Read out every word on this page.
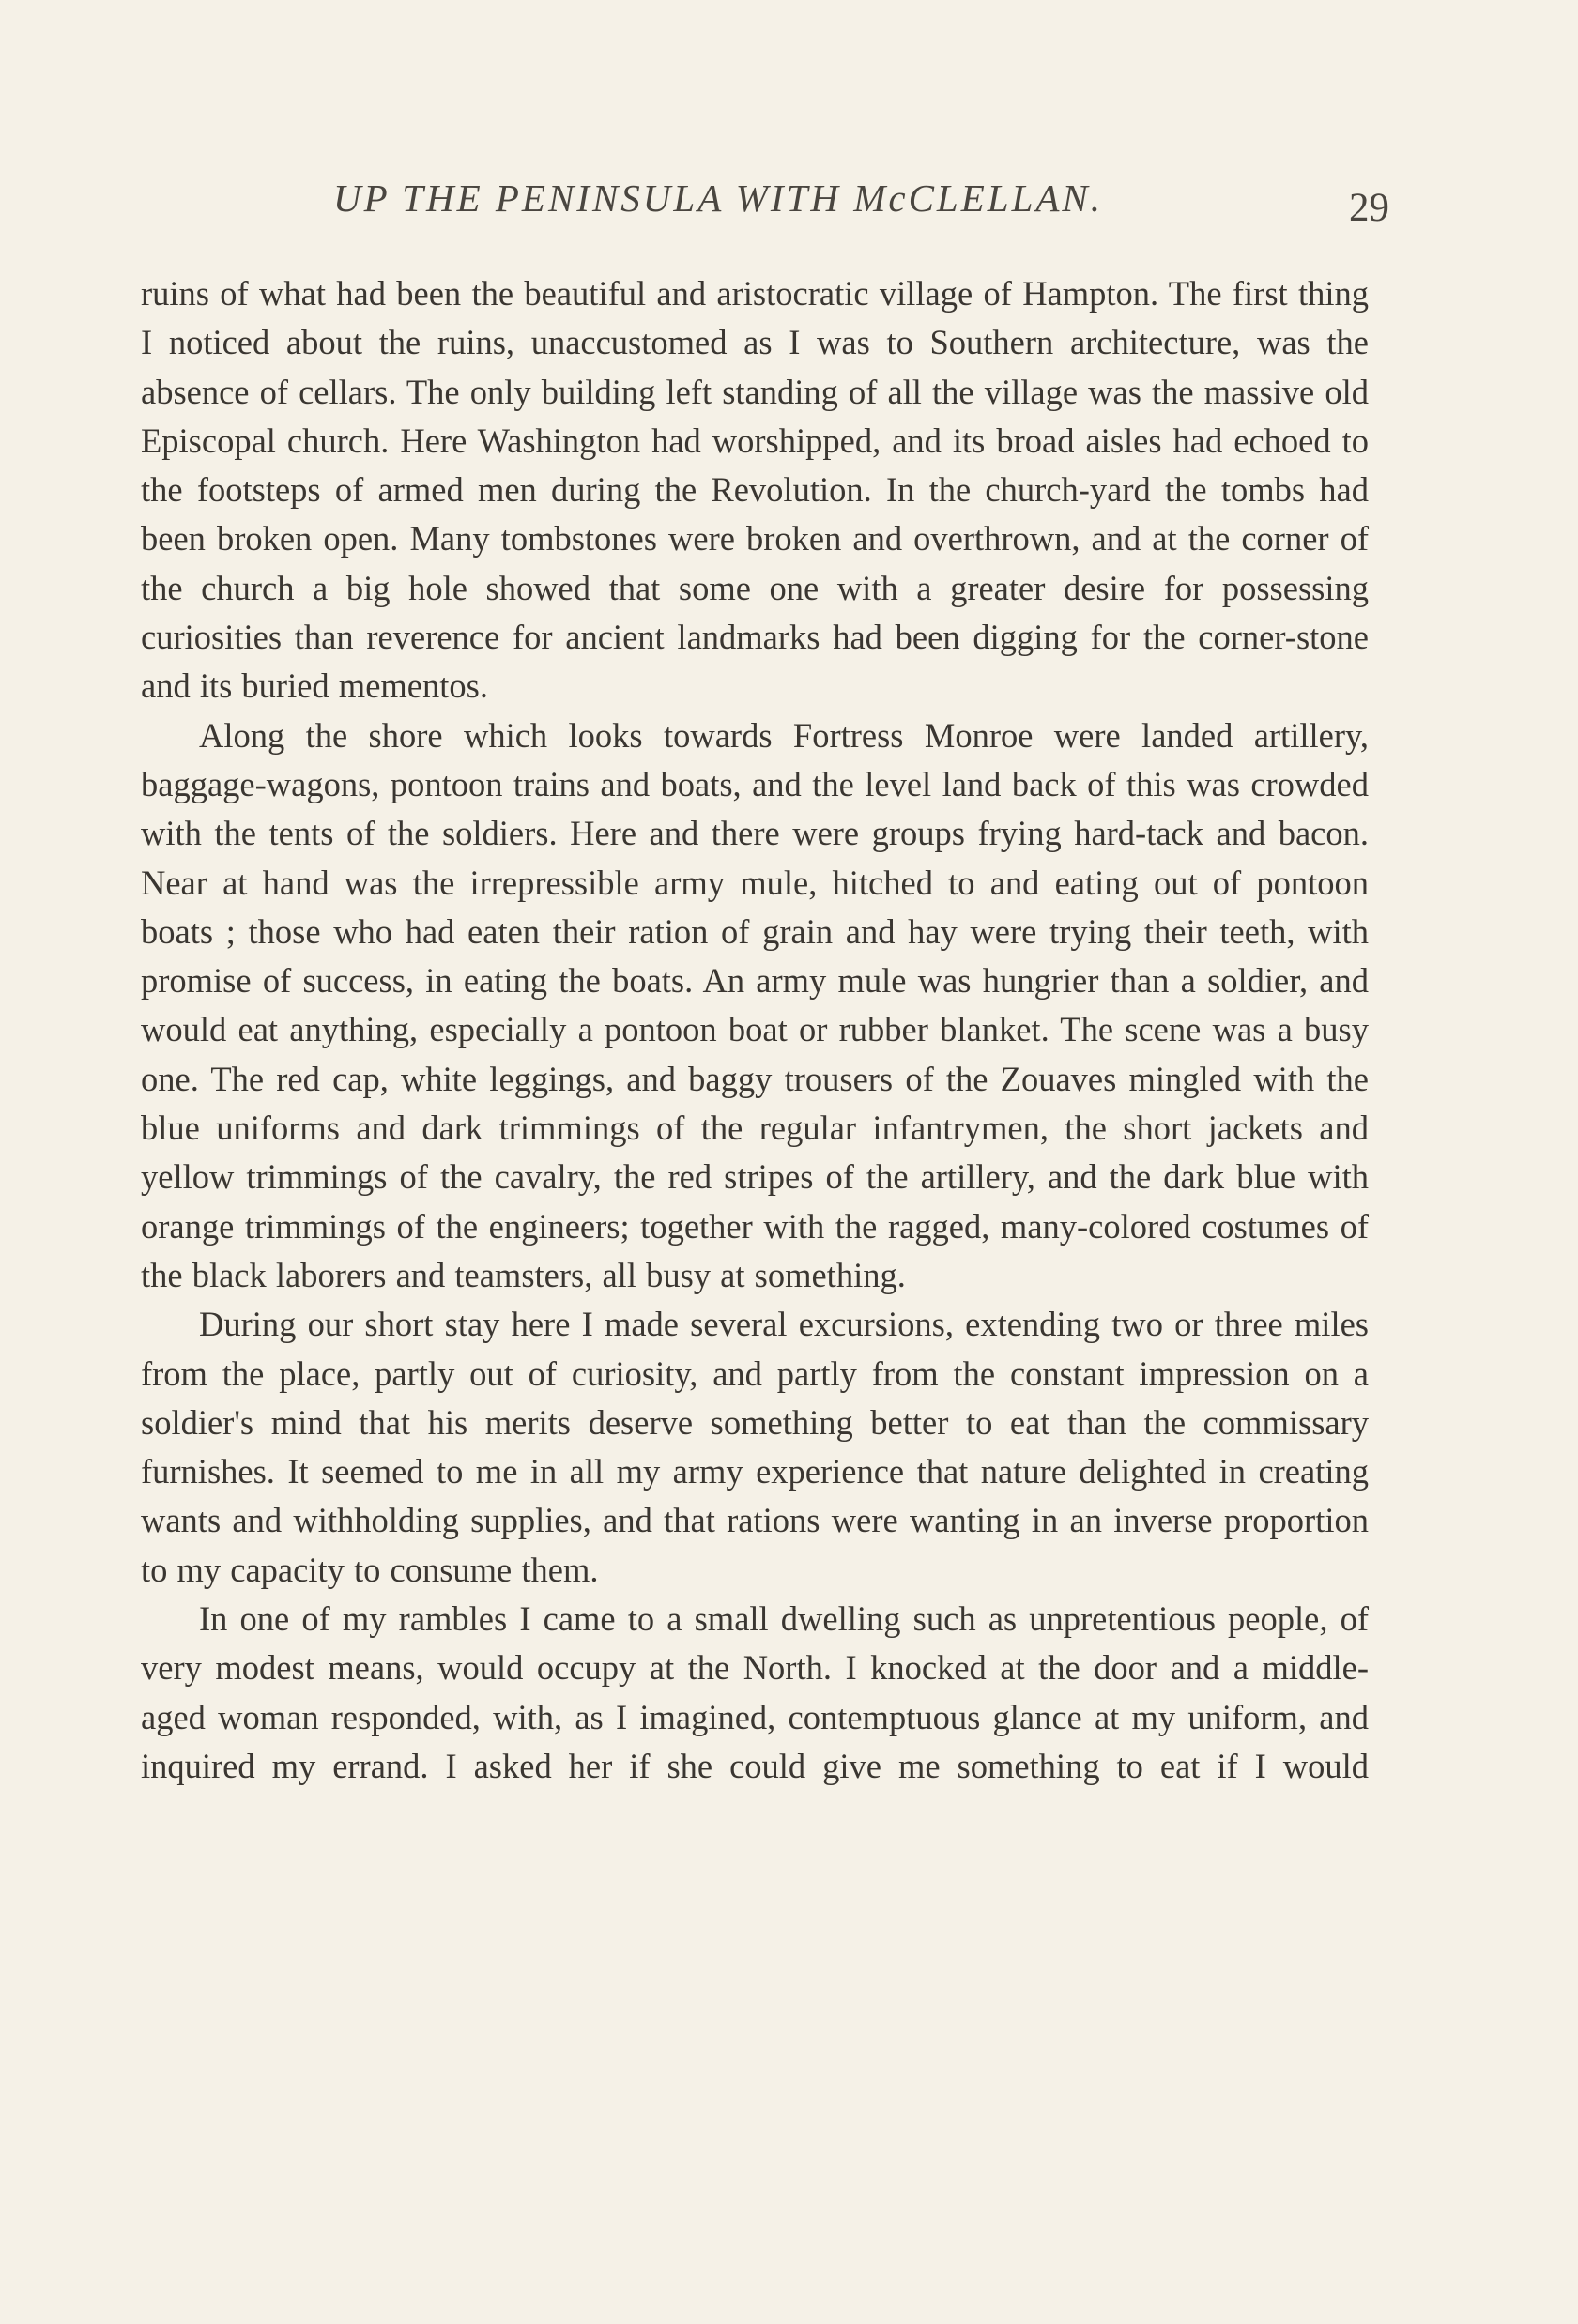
UP THE PENINSULA WITH McCLELLAN.	29

ruins of what had been the beautiful and aristocratic village of Hampton. The first thing I noticed about the ruins, unaccustomed as I was to Southern architecture, was the absence of cellars. The only building left standing of all the village was the massive old Episcopal church. Here Washington had worshipped, and its broad aisles had echoed to the footsteps of armed men during the Revolution. In the church-yard the tombs had been broken open. Many tombstones were broken and overthrown, and at the corner of the church a big hole showed that some one with a greater desire for possessing curiosities than reverence for ancient landmarks had been digging for the corner-stone and its buried mementos.

Along the shore which looks towards Fortress Monroe were landed artillery, baggage-wagons, pontoon trains and boats, and the level land back of this was crowded with the tents of the soldiers. Here and there were groups frying hard-tack and bacon. Near at hand was the irrepressible army mule, hitched to and eating out of pontoon boats ; those who had eaten their ration of grain and hay were trying their teeth, with promise of success, in eating the boats. An army mule was hungrier than a soldier, and would eat anything, especially a pontoon boat or rubber blanket. The scene was a busy one. The red cap, white leggings, and baggy trousers of the Zouaves mingled with the blue uniforms and dark trimmings of the regular infantrymen, the short jackets and yellow trimmings of the cavalry, the red stripes of the artillery, and the dark blue with orange trimmings of the engineers; together with the ragged, many-colored costumes of the black laborers and teamsters, all busy at something.

During our short stay here I made several excursions, extending two or three miles from the place, partly out of curiosity, and partly from the constant impression on a soldier's mind that his merits deserve something better to eat than the commissary furnishes. It seemed to me in all my army experience that nature delighted in creating wants and withholding supplies, and that rations were wanting in an inverse proportion to my capacity to consume them.

In one of my rambles I came to a small dwelling such as unpretentious people, of very modest means, would occupy at the North. I knocked at the door and a middle-aged woman responded, with, as I imagined, contemptuous glance at my uniform, and inquired my errand. I asked her if she could give me something to eat if I would
